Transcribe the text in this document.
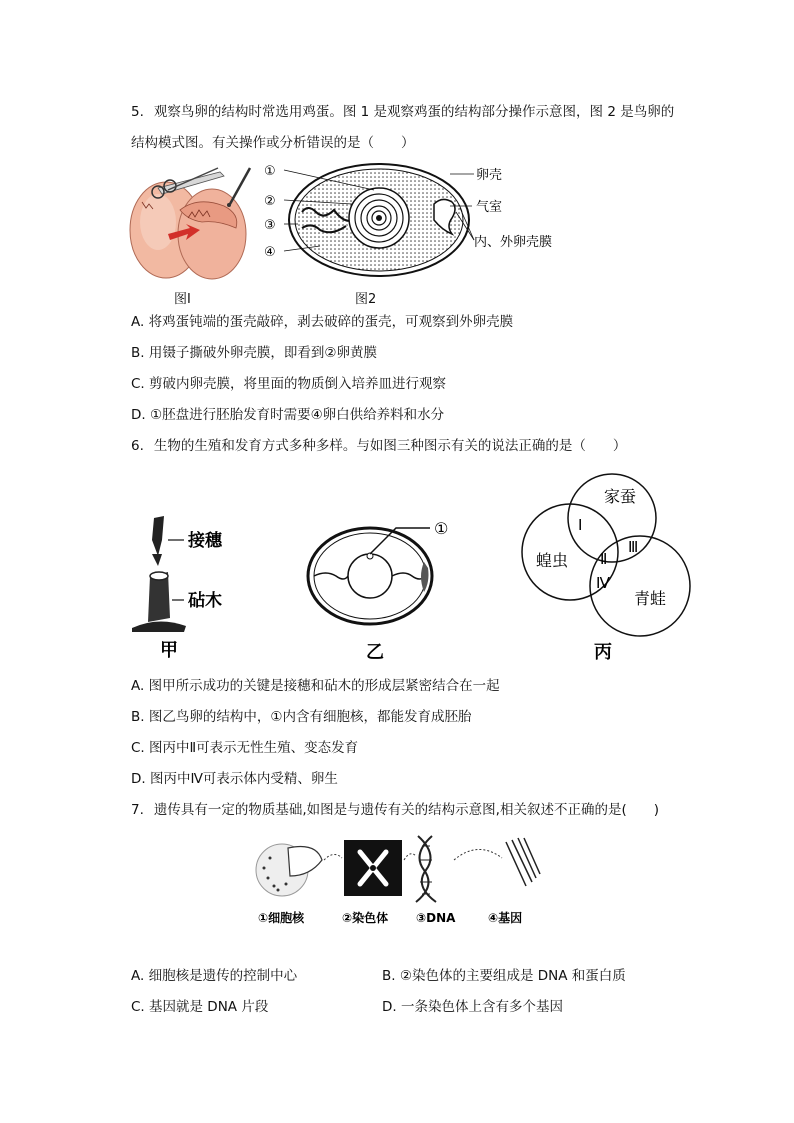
5. 观察鸟卵的结构时常选用鸡蛋。图 1 是观察鸡蛋的结构部分操作示意图，图 2 是鸟卵的
结构模式图。有关操作或分析错误的是（　　）
图Ⅰ
①
②
③
④
卵壳
气室
内、外卵壳膜
图2
A. 将鸡蛋钝端的蛋壳敲碎，剥去破碎的蛋壳，可观察到外卵壳膜
B. 用镊子撕破外卵壳膜，即看到②卵黄膜
C. 剪破内卵壳膜，将里面的物质倒入培养皿进行观察
D. ①胚盘进行胚胎发育时需要④卵白供给养料和水分
6. 生物的生殖和发育方式多种多样。与如图三种图示有关的说法正确的是（　　）
接穗
砧木
甲
①
乙
家蚕
蝗虫
青蛙
Ⅰ
Ⅱ
Ⅲ
Ⅳ
丙
A. 图甲所示成功的关键是接穗和砧木的形成层紧密结合在一起
B. 图乙鸟卵的结构中，①内含有细胞核，都能发育成胚胎
C. 图丙中Ⅱ可表示无性生殖、变态发育
D. 图丙中Ⅳ可表示体内受精、卵生
7. 遗传具有一定的物质基础,如图是与遗传有关的结构示意图,相关叙述不正确的是(　　)
①细胞核	②染色体 ③DNA	④基因
A. 细胞核是遗传的控制中心	B. ②染色体的主要组成是 DNA 和蛋白质
C. 基因就是 DNA 片段	D. 一条染色体上含有多个基因
